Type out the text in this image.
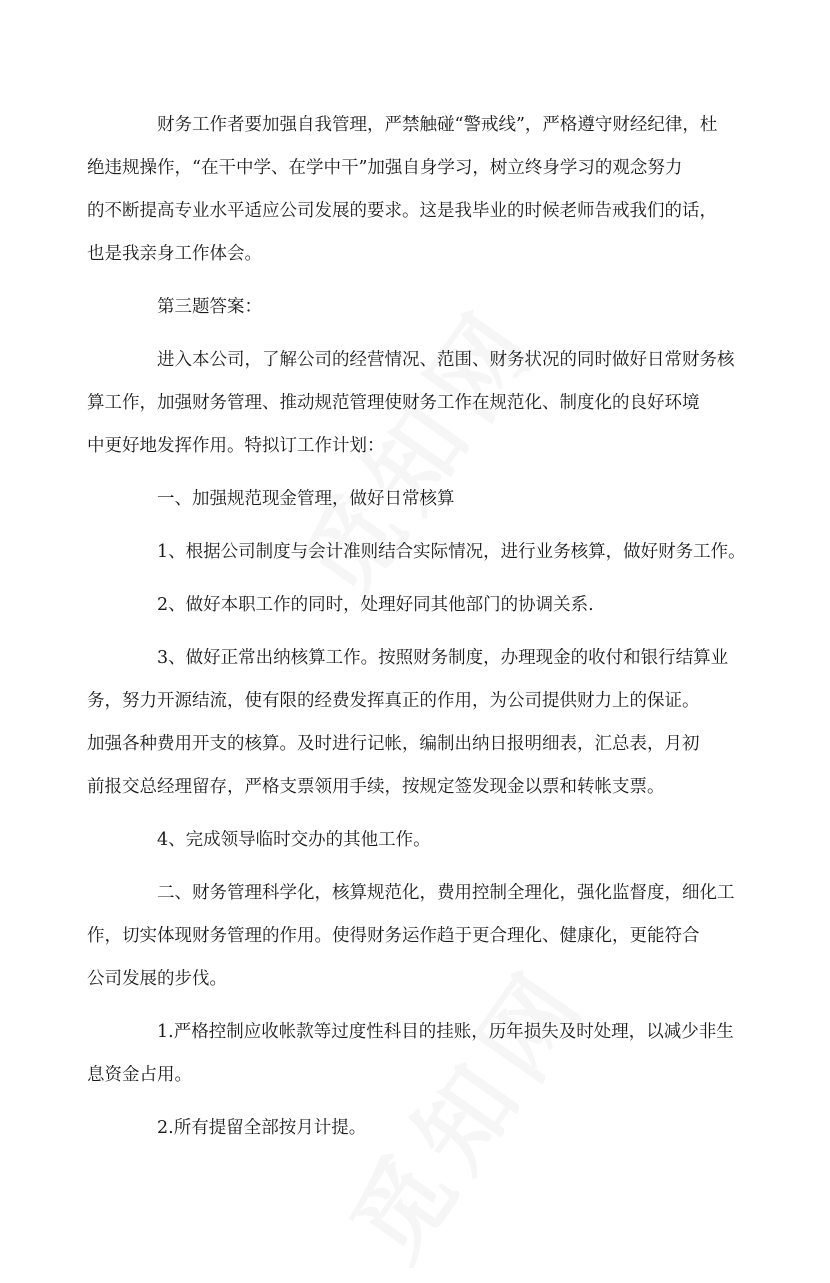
财务工作者要加强自我管理，严禁触碰“警戒线”，严格遵守财经纪律，杜
绝违规操作，“在干中学、在学中干”加强自身学习，树立终身学习的观念努力
的不断提高专业水平适应公司发展的要求。这是我毕业的时候老师告戒我们的话，
也是我亲身工作体会。

第三题答案：

进入本公司，了解公司的经营情况、范围、财务状况的同时做好日常财务核
算工作，加强财务管理、推动规范管理使财务工作在规范化、制度化的良好环境
中更好地发挥作用。特拟订工作计划：

一、加强规范现金管理，做好日常核算

1、根据公司制度与会计准则结合实际情况，进行业务核算，做好财务工作。

2、做好本职工作的同时，处理好同其他部门的协调关系.

3、做好正常出纳核算工作。按照财务制度，办理现金的收付和银行结算业
务，努力开源结流，使有限的经费发挥真正的作用，为公司提供财力上的保证。
加强各种费用开支的核算。及时进行记帐，编制出纳日报明细表，汇总表，月初
前报交总经理留存，严格支票领用手续，按规定签发现金以票和转帐支票。

4、完成领导临时交办的其他工作。

二、财务管理科学化，核算规范化，费用控制全理化，强化监督度，细化工
作，切实体现财务管理的作用。使得财务运作趋于更合理化、健康化，更能符合
公司发展的步伐。

1.严格控制应收帐款等过度性科目的挂账，历年损失及时处理，以减少非生
息资金占用。

2.所有提留全部按月计提。
